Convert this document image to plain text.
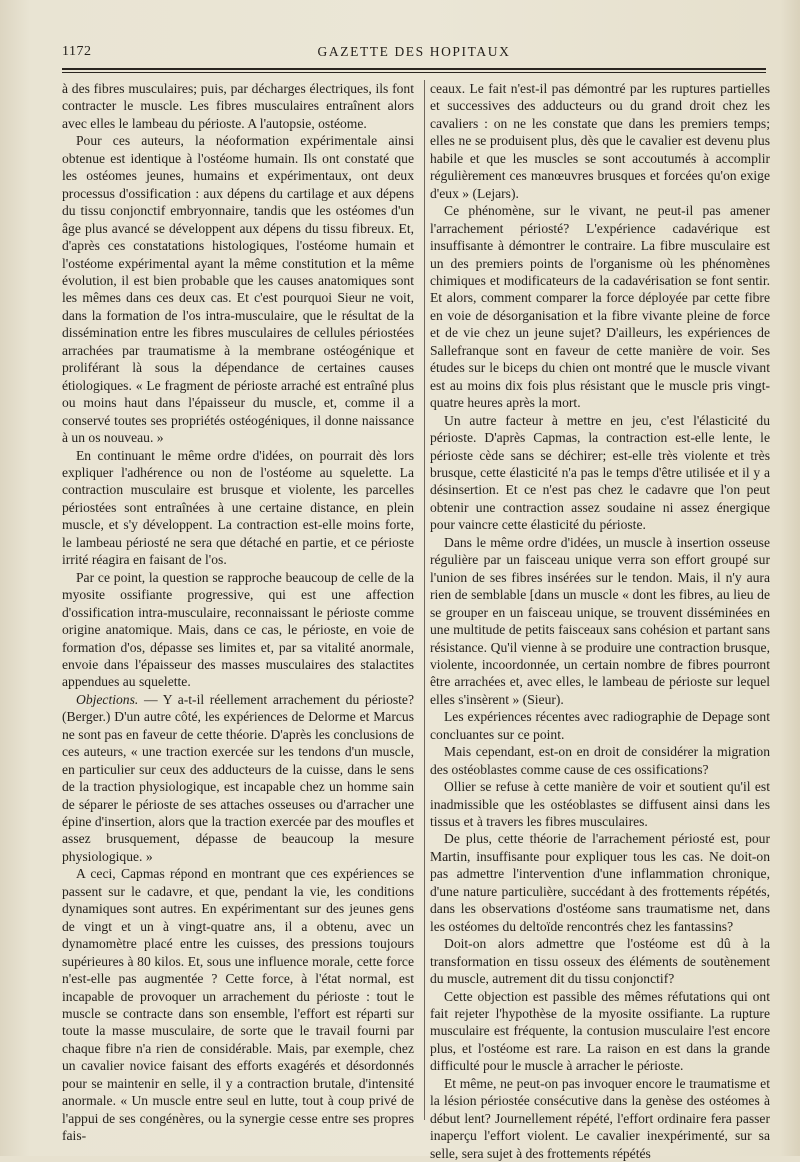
1172	GAZETTE DES HOPITAUX

à des fibres musculaires; puis, par décharges électriques, ils font contracter le muscle. Les fibres musculaires entraînent alors avec elles le lambeau du périoste. A l'autopsie, ostéome.

Pour ces auteurs, la néoformation expérimentale ainsi obtenue est identique à l'ostéome humain. Ils ont constaté que les ostéomes jeunes, humains et expérimentaux, ont deux processus d'ossification : aux dépens du cartilage et aux dépens du tissu conjonctif embryonnaire, tandis que les ostéomes d'un âge plus avancé se développent aux dépens du tissu fibreux. Et, d'après ces constatations histologiques, l'ostéome humain et l'ostéome expérimental ayant la même constitution et la même évolution, il est bien probable que les causes anatomiques sont les mêmes dans ces deux cas. Et c'est pourquoi Sieur ne voit, dans la formation de l'os intra-musculaire, que le résultat de la dissémination entre les fibres musculaires de cellules périostées arrachées par traumatisme à la membrane ostéogénique et proliférant là sous la dépendance de certaines causes étiologiques. « Le fragment de périoste arraché est entraîné plus ou moins haut dans l'épaisseur du muscle, et, comme il a conservé toutes ses propriétés ostéogéniques, il donne naissance à un os nouveau. »

En continuant le même ordre d'idées, on pourrait dès lors expliquer l'adhérence ou non de l'ostéome au squelette. La contraction musculaire est brusque et violente, les parcelles périostées sont entraînées à une certaine distance, en plein muscle, et s'y développent. La contraction est-elle moins forte, le lambeau périosté ne sera que détaché en partie, et ce périoste irrité réagira en faisant de l'os.

Par ce point, la question se rapproche beaucoup de celle de la myosite ossifiante progressive, qui est une affection d'ossification intra-musculaire, reconnaissant le périoste comme origine anatomique. Mais, dans ce cas, le périoste, en voie de formation d'os, dépasse ses limites et, par sa vitalité anormale, envoie dans l'épaisseur des masses musculaires des stalactites appendues au squelette.

Objections. — Y a-t-il réellement arrachement du périoste? (Berger.) D'un autre côté, les expériences de Delorme et Marcus ne sont pas en faveur de cette théorie. D'après les conclusions de ces auteurs, « une traction exercée sur les tendons d'un muscle, en particulier sur ceux des adducteurs de la cuisse, dans le sens de la traction physiologique, est incapable chez un homme sain de séparer le périoste de ses attaches osseuses ou d'arracher une épine d'insertion, alors que la traction exercée par des moufles et assez brusquement, dépasse de beaucoup la mesure physiologique. »

A ceci, Capmas répond en montrant que ces expériences se passent sur le cadavre, et que, pendant la vie, les conditions dynamiques sont autres. En expérimentant sur des jeunes gens de vingt et un à vingt-quatre ans, il a obtenu, avec un dynamomètre placé entre les cuisses, des pressions toujours supérieures à 80 kilos. Et, sous une influence morale, cette force n'est-elle pas augmentée ? Cette force, à l'état normal, est incapable de provoquer un arrachement du périoste : tout le muscle se contracte dans son ensemble, l'effort est réparti sur toute la masse musculaire, de sorte que le travail fourni par chaque fibre n'a rien de considérable. Mais, par exemple, chez un cavalier novice faisant des efforts exagérés et désordonnés pour se maintenir en selle, il y a contraction brutale, d'intensité anormale. « Un muscle entre seul en lutte, tout à coup privé de l'appui de ses congénères, ou la synergie cesse entre ses propres fais-

ceaux. Le fait n'est-il pas démontré par les ruptures partielles et successives des adducteurs ou du grand droit chez les cavaliers : on ne les constate que dans les premiers temps; elles ne se produisent plus, dès que le cavalier est devenu plus habile et que les muscles se sont accoutumés à accomplir régulièrement ces manœuvres brusques et forcées qu'on exige d'eux » (Lejars).

Ce phénomène, sur le vivant, ne peut-il pas amener l'arrachement périosté? L'expérience cadavérique est insuffisante à démontrer le contraire. La fibre musculaire est un des premiers points de l'organisme où les phénomènes chimiques et modificateurs de la cadavérisation se font sentir. Et alors, comment comparer la force déployée par cette fibre en voie de désorganisation et la fibre vivante pleine de force et de vie chez un jeune sujet? D'ailleurs, les expériences de Sallefranque sont en faveur de cette manière de voir. Ses études sur le biceps du chien ont montré que le muscle vivant est au moins dix fois plus résistant que le muscle pris vingt-quatre heures après la mort.

Un autre facteur à mettre en jeu, c'est l'élasticité du périoste. D'après Capmas, la contraction est-elle lente, le périoste cède sans se déchirer; est-elle très violente et très brusque, cette élasticité n'a pas le temps d'être utilisée et il y a désinsertion. Et ce n'est pas chez le cadavre que l'on peut obtenir une contraction assez soudaine ni assez énergique pour vaincre cette élasticité du périoste.

Dans le même ordre d'idées, un muscle à insertion osseuse régulière par un faisceau unique verra son effort groupé sur l'union de ses fibres insérées sur le tendon. Mais, il n'y aura rien de semblable [dans un muscle « dont les fibres, au lieu de se grouper en un faisceau unique, se trouvent disséminées en une multitude de petits faisceaux sans cohésion et partant sans résistance. Qu'il vienne à se produire une contraction brusque, violente, incoordonnée, un certain nombre de fibres pourront être arrachées et, avec elles, le lambeau de périoste sur lequel elles s'insèrent » (Sieur).

Les expériences récentes avec radiographie de Depage sont concluantes sur ce point.

Mais cependant, est-on en droit de considérer la migration des ostéoblastes comme cause de ces ossifications?

Ollier se refuse à cette manière de voir et soutient qu'il est inadmissible que les ostéoblastes se diffusent ainsi dans les tissus et à travers les fibres musculaires.

De plus, cette théorie de l'arrachement périosté est, pour Martin, insuffisante pour expliquer tous les cas. Ne doit-on pas admettre l'intervention d'une inflammation chronique, d'une nature particulière, succédant à des frottements répétés, dans les observations d'ostéome sans traumatisme net, dans les ostéomes du deltoïde rencontrés chez les fantassins?

Doit-on alors admettre que l'ostéome est dû à la transformation en tissu osseux des éléments de soutènement du muscle, autrement dit du tissu conjonctif?

Cette objection est passible des mêmes réfutations qui ont fait rejeter l'hypothèse de la myosite ossifiante. La rupture musculaire est fréquente, la contusion musculaire l'est encore plus, et l'ostéome est rare. La raison en est dans la grande difficulté pour le muscle à arracher le périoste.

Et même, ne peut-on pas invoquer encore le traumatisme et la lésion périostée consécutive dans la genèse des ostéomes à début lent? Journellement répété, l'effort ordinaire fera passer inaperçu l'effort violent. Le cavalier inexpérimenté, sur sa selle, sera sujet à des frottements répétés
